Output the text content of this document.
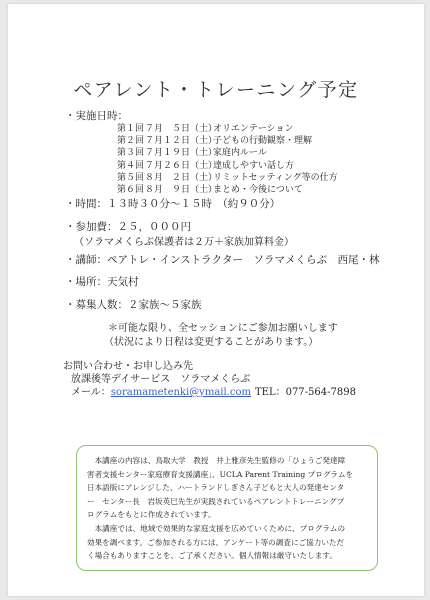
ペアレント・トレーニング予定
・実施日時：
第１回 ７月　５日（土）
オリエンテーション
第２回 ７月１２日（土）
子どもの行動観察・理解
第３回 ７月１９日（土）
家庭内ルール
第４回 ７月２６日（土）
達成しやすい話し方
第５回 ８月　２日（土）
リミットセッティング等の仕方
第６回 ８月　９日（土）
まとめ・今後について
・時間：１３時３０分～１５時　（約９０分）
・参加費：２５，０００円
（ソラマメくらぶ保護者は２万＋家族加算料金）
・講師：ペアトレ・インストラクター　ソラマメくらぶ　西尾・林
・場所：天気村
・募集人数：２家族～５家族
＊可能な限り、全セッションにご参加お願いします
（状況により日程は変更することがあります。）
お問い合わせ・お申し込み先
放課後等デイサービス　ソラマメくらぶ
メール：soramametenki@ymail.com TEL：077-564-7898
　本講座の内容は、鳥取大学　教授　井上雅彦先生監修の「ひょうご発達障
害者支援センター家庭療育支援講座」、UCLA Parent Training プログラムを
日本語版にアレンジした、ハートランドしぎさん子どもと大人の発達センタ
ー　センター長　岩坂英巳先生が実践されているペアレントトレーニングプ
ログラムをもとに作成されています。
　本講座では、地域で効果的な家庭支援を広めていくために、プログラムの
効果を調べます。ご参加される方には、アンケート等の調査にご協力いただ
く場合もありますことを、ご了承ください。個人情報は厳守いたします。
